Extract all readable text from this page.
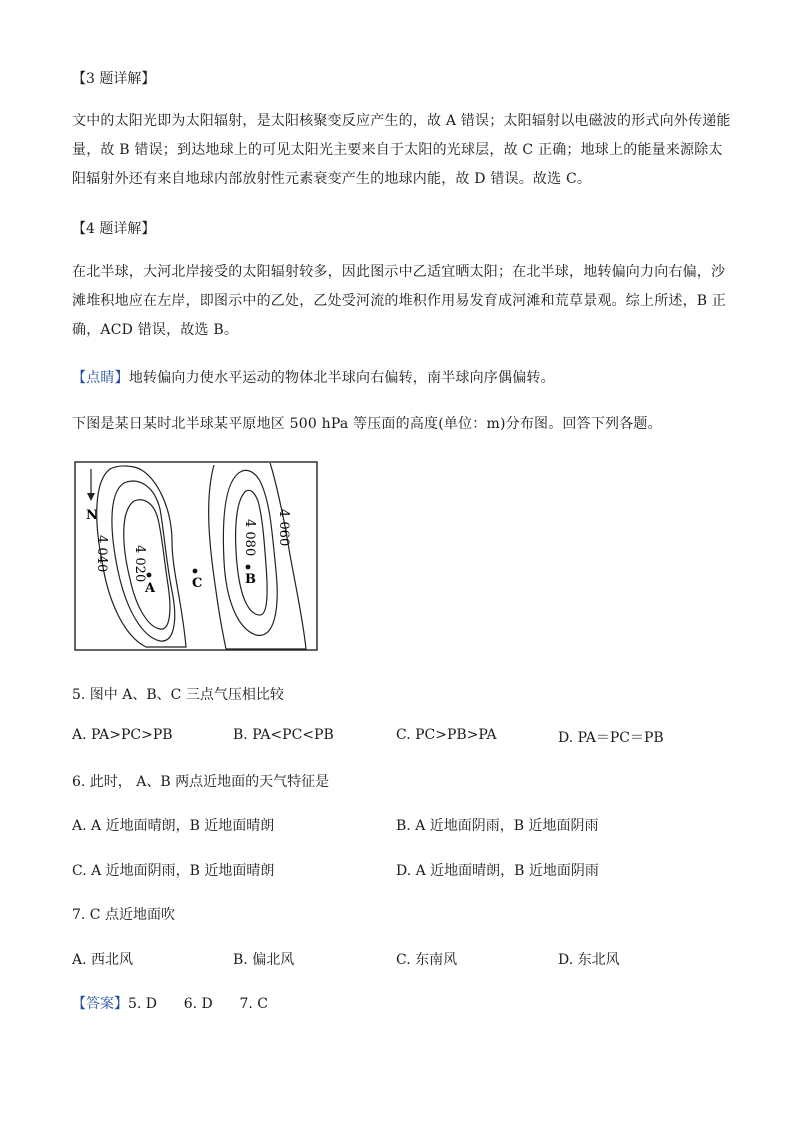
【3 题详解】
文中的太阳光即为太阳辐射，是太阳核聚变反应产生的，故 A 错误；太阳辐射以电磁波的形式向外传递能量，故 B 错误；到达地球上的可见太阳光主要来自于太阳的光球层，故 C 正确；地球上的能量来源除太阳辐射外还有来自地球内部放射性元素衰变产生的地球内能，故 D 错误。故选 C。
【4 题详解】
在北半球，大河北岸接受的太阳辐射较多，因此图示中乙适宜晒太阳；在北半球，地转偏向力向右偏，沙滩堆积地应在左岸，即图示中的乙处，乙处受河流的堆积作用易发育成河滩和荒草景观。综上所述，B 正确，ACD 错误，故选 B。
【点睛】地转偏向力使水平运动的物体北半球向右偏转，南半球向序偶偏转。
下图是某日某时北半球某平原地区 500 hPa 等压面的高度(单位：m)分布图。回答下列各题。
N
4 040 4 020
4 080 4 060
A	C	B
5. 图中 A、B、C 三点气压相比较
A. PA>PC>PB	B. PA<PC<PB	C. PC>PB>PA	D. PA＝PC＝PB
6. 此时， A、B 两点近地面的天气特征是
A. A 近地面晴朗，B 近地面晴朗	B. A 近地面阴雨，B 近地面阴雨
C. A 近地面阴雨，B 近地面晴朗	D. A 近地面晴朗，B 近地面阴雨
7. C 点近地面吹
A. 西北风	B. 偏北风	C. 东南风	D. 东北风
【答案】5. D      6. D      7. C
